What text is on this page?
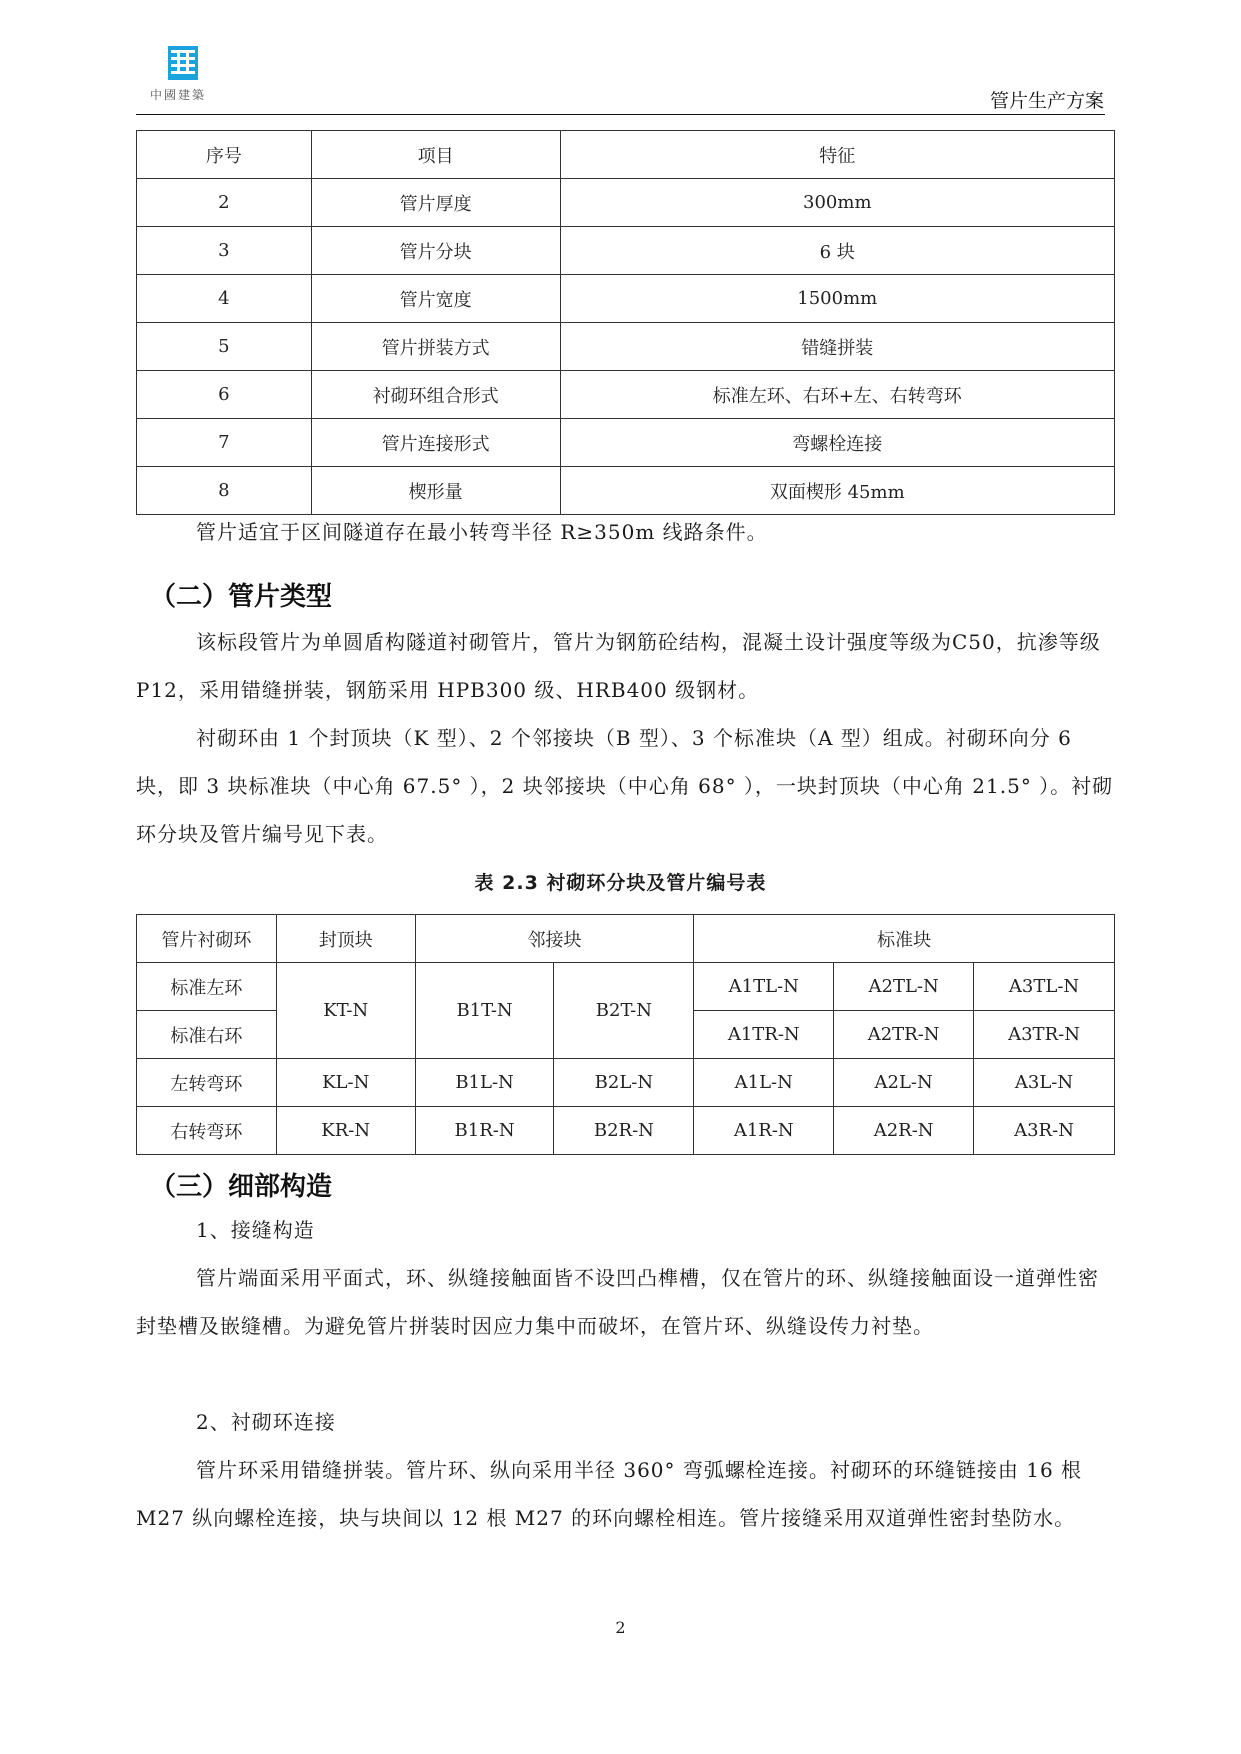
中國建築	管片生产方案
序号	项目	特征
2	管片厚度	300mm
3	管片分块	6 块
4	管片宽度	1500mm
5	管片拼装方式	错缝拼装
6	衬砌环组合形式	标准左环、右环+左、右转弯环
7	管片连接形式	弯螺栓连接
8	楔形量	双面楔形 45mm
管片适宜于区间隧道存在最小转弯半径 R≥350m 线路条件。
（二）管片类型
该标段管片为单圆盾构隧道衬砌管片，管片为钢筋砼结构，混凝土设计强度等级为C50，抗渗等级 P12，采用错缝拼装，钢筋采用 HPB300 级、HRB400 级钢材。
衬砌环由 1 个封顶块（K 型）、2 个邻接块（B 型）、3 个标准块（A 型）组成。衬砌环向分 6 块，即 3 块标准块（中心角 67.5° ），2 块邻接块（中心角 68° ），一块封顶块（中心角 21.5° ）。衬砌环分块及管片编号见下表。
表 2.3 衬砌环分块及管片编号表
管片衬砌环	封顶块	邻接块		标准块		
标准左环	KT-N	B1T-N	B2T-N	A1TL-N	A2TL-N	A3TL-N
标准右环				A1TR-N	A2TR-N	A3TR-N
左转弯环	KL-N	B1L-N	B2L-N	A1L-N	A2L-N	A3L-N
右转弯环	KR-N	B1R-N	B2R-N	A1R-N	A2R-N	A3R-N
（三）细部构造
1、接缝构造
管片端面采用平面式，环、纵缝接触面皆不设凹凸榫槽，仅在管片的环、纵缝接触面设一道弹性密封垫槽及嵌缝槽。为避免管片拼装时因应力集中而破坏，在管片环、纵缝设传力衬垫。
2、衬砌环连接
管片环采用错缝拼装。管片环、纵向采用半径 360° 弯弧螺栓连接。衬砌环的环缝链接由 16 根 M27 纵向螺栓连接，块与块间以 12 根 M27 的环向螺栓相连。管片接缝采用双道弹性密封垫防水。
2
